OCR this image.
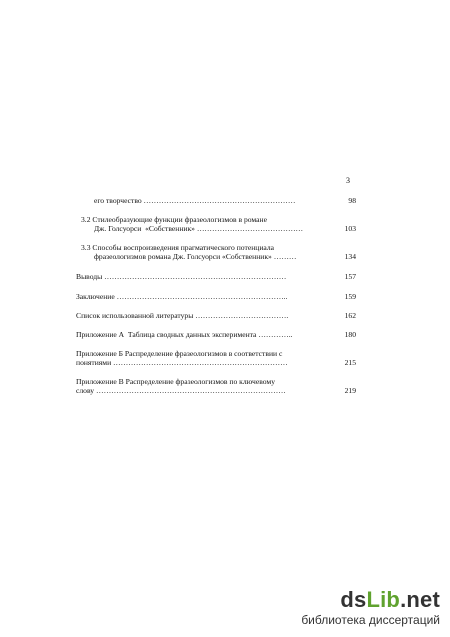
3
его творчество ……………………………………………………	98
3.2 Стилеобразующие функции фразеологизмов в романе
Дж. Голсуорси  «Собственник» ……………………………………	103
3.3 Способы воспроизведения прагматического потенциала
фразеологизмов романа Дж. Голсуорси «Собственник» ………	134
Выводы ………………………………………………………………	157
Заключение …………………………………………………………..	159
Список использованной литературы ……………………………….	162
Приложение А  Таблица сводных данных эксперимента …………..	180
Приложение Б Распределение фразеологизмов в соответствии с
понятиями ……………………………………………………………	215
Приложение В Распределение фразеологизмов по ключевому
слову …………………………………………………………………	219
dsLib.net
библиотека диссертаций
